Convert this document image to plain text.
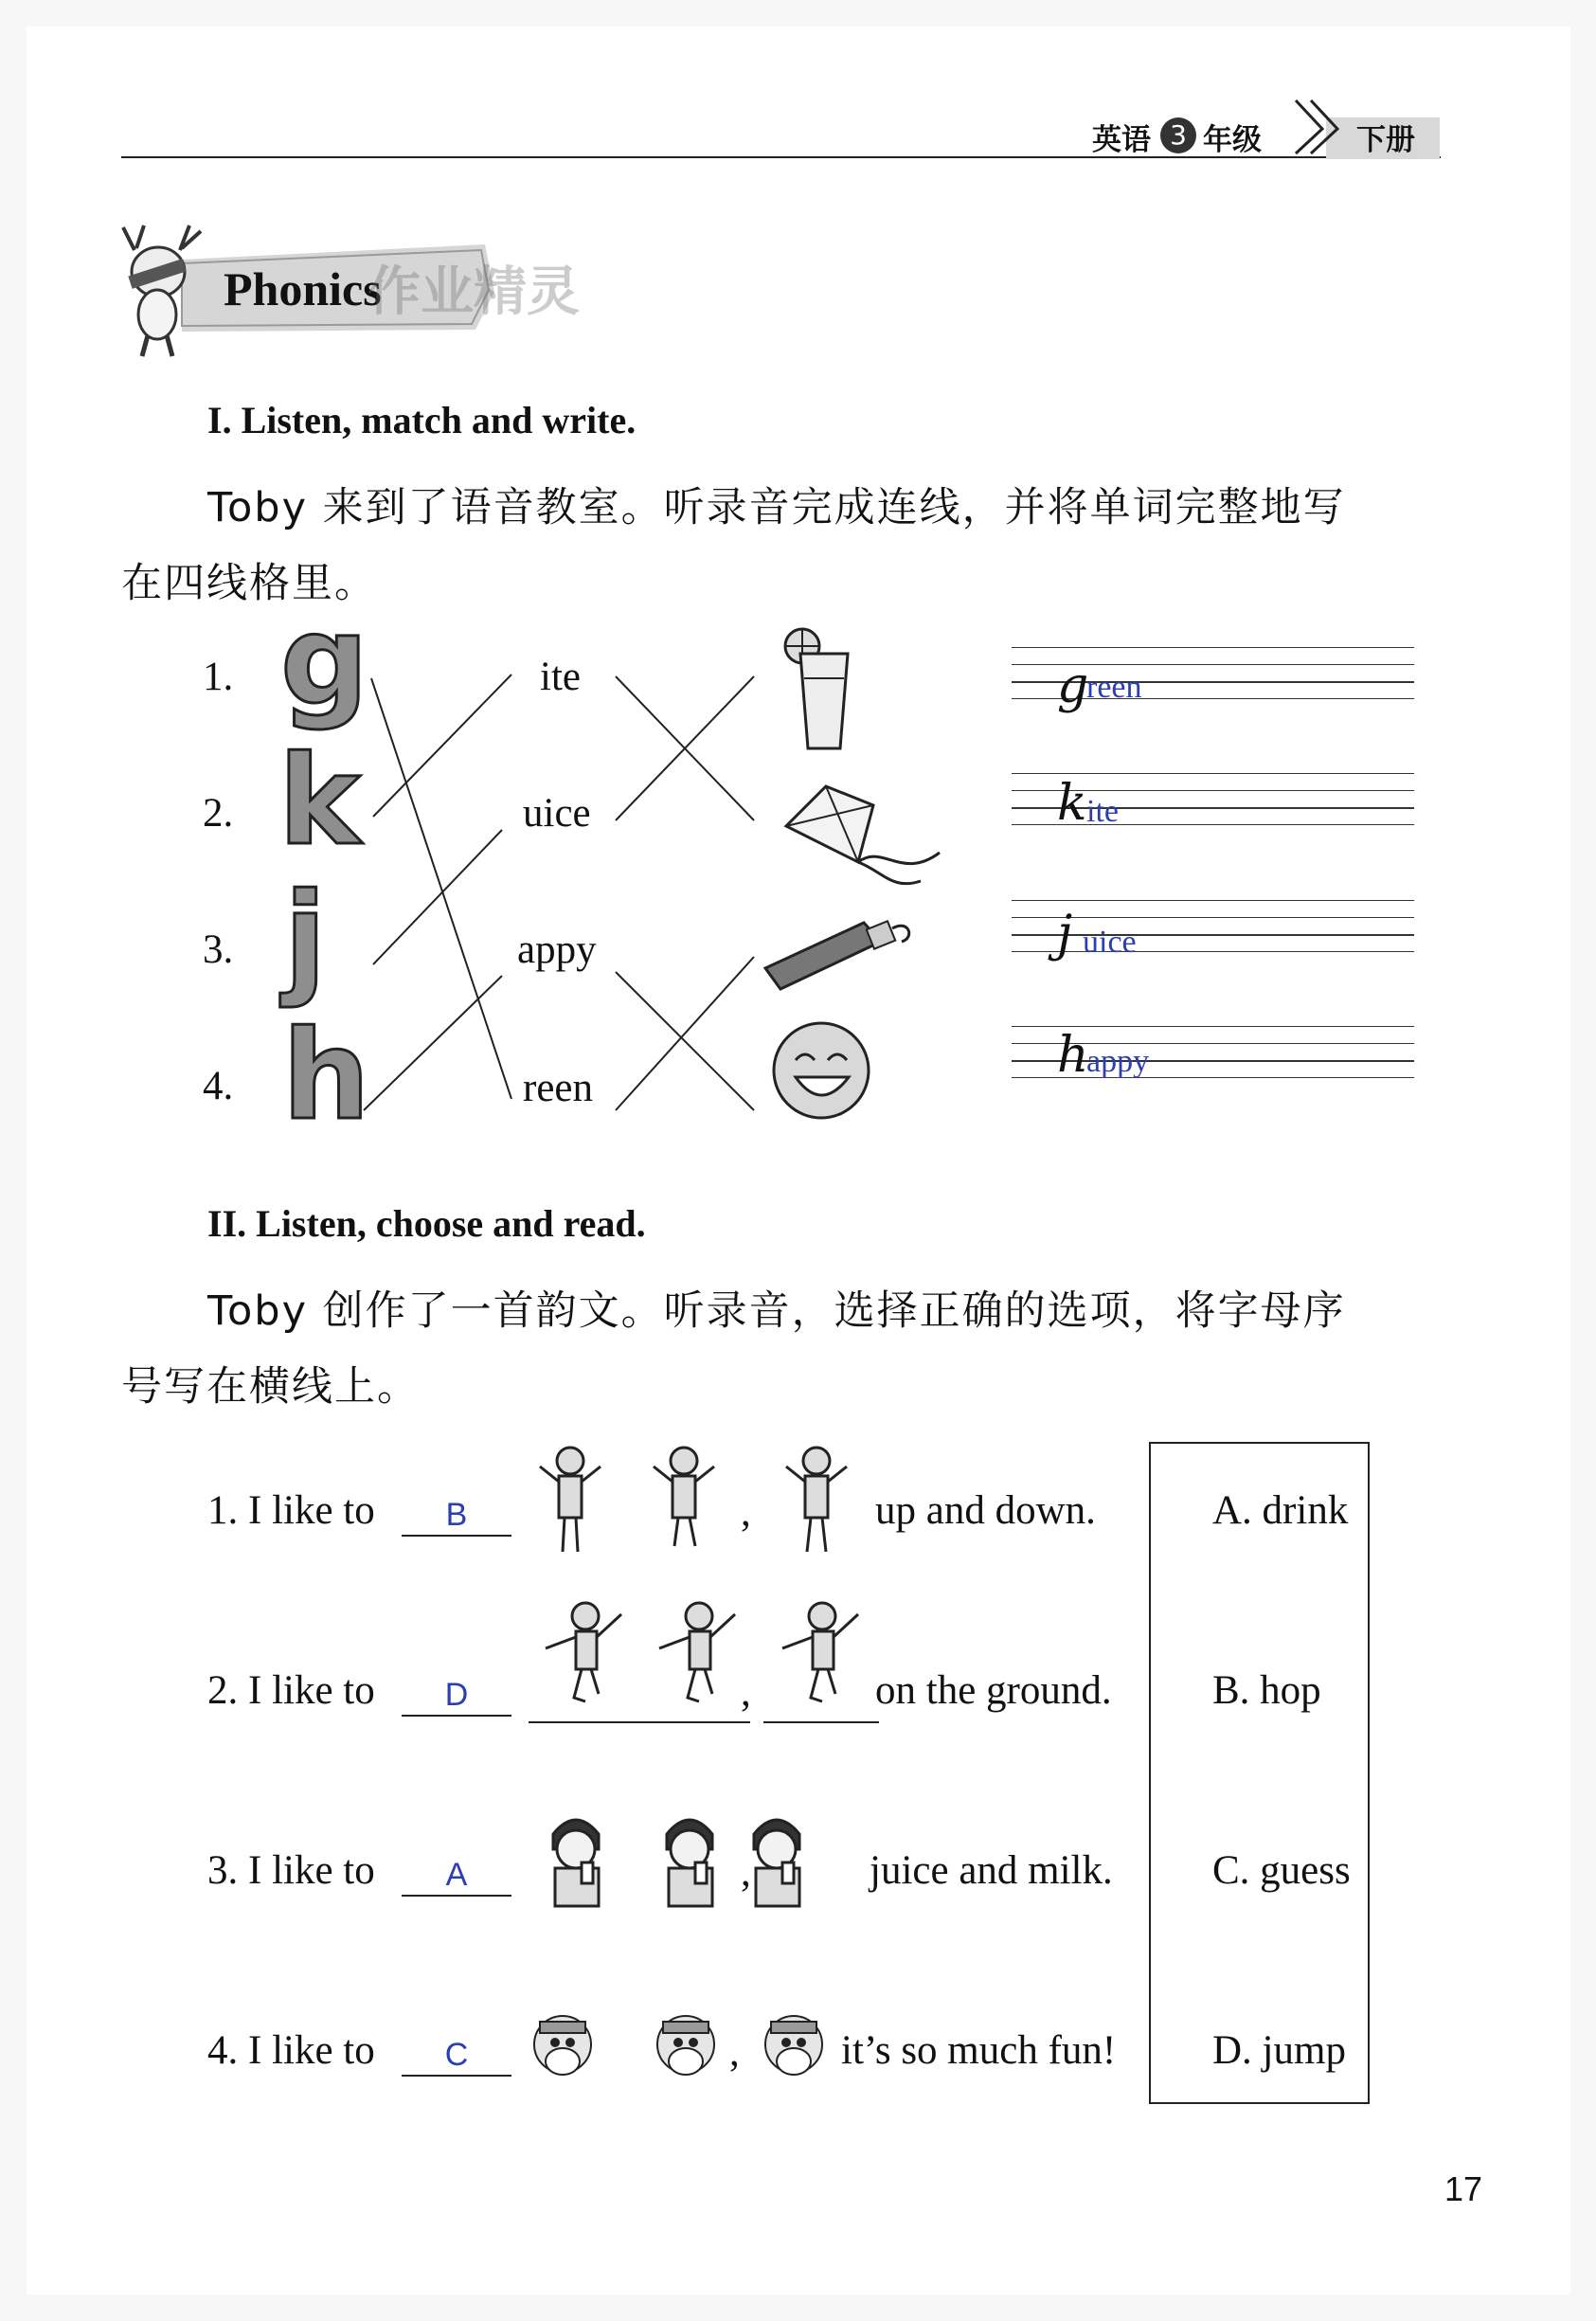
英语 3 年级	下册
Phonics
作业精灵
I. Listen, match and write.
Toby 来到了语音教室。听录音完成连线，并将单词完整地写
在四线格里。
1.
2.
3.
4.
g
k
j
h
ite
uice
appy
reen
g
reen
k ite
j uice
h
appy
II. Listen, choose and read.
Toby 创作了一首韵文。听录音，选择正确的选项，将字母序
号写在横线上。
1. I like to	B	,	up and down.
2. I like to	D	,	on the ground.
3. I like to	A	,	juice and milk.
4. I like to	C	, it’s so much fun!
A. drink
B. hop
C. guess
D. jump
17
